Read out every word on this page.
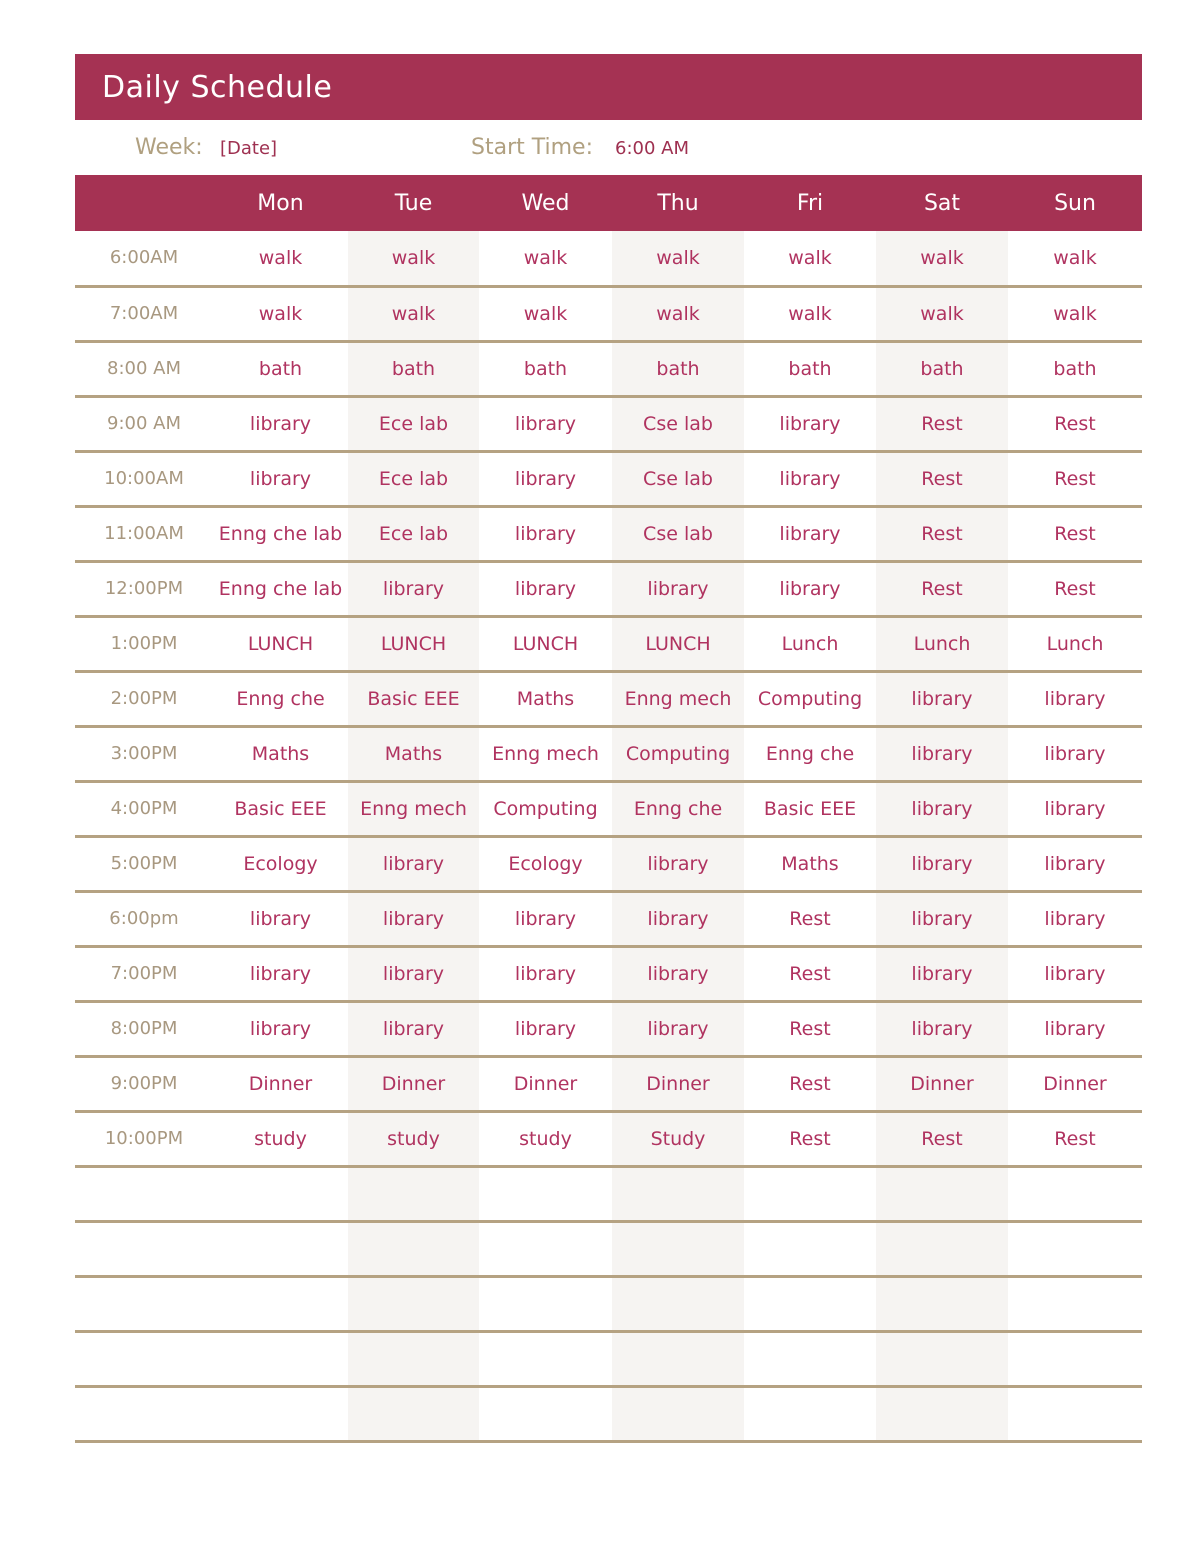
Daily Schedule
Week: [Date]	Start Time: 6:00 AM
	Mon	Tue	Wed	Thu	Fri	Sat	Sun
6:00AM	walk	walk	walk	walk	walk	walk	walk
7:00AM	walk	walk	walk	walk	walk	walk	walk
8:00 AM	bath	bath	bath	bath	bath	bath	bath
9:00 AM	library	Ece lab	library	Cse lab	library	Rest	Rest
10:00AM	library	Ece lab	library	Cse lab	library	Rest	Rest
11:00AM	Enng che lab	Ece lab	library	Cse lab	library	Rest	Rest
12:00PM	Enng che lab	library	library	library	library	Rest	Rest
1:00PM	LUNCH	LUNCH	LUNCH	LUNCH	Lunch	Lunch	Lunch
2:00PM	Enng che	Basic EEE	Maths	Enng mech	Computing	library	library
3:00PM	Maths	Maths	Enng mech	Computing	Enng che	library	library
4:00PM	Basic EEE	Enng mech	Computing	Enng che	Basic EEE	library	library
5:00PM	Ecology	library	Ecology	library	Maths	library	library
6:00pm	library	library	library	library	Rest	library	library
7:00PM	library	library	library	library	Rest	library	library
8:00PM	library	library	library	library	Rest	library	library
9:00PM	Dinner	Dinner	Dinner	Dinner	Rest	Dinner	Dinner
10:00PM	study	study	study	Study	Rest	Rest	Rest
